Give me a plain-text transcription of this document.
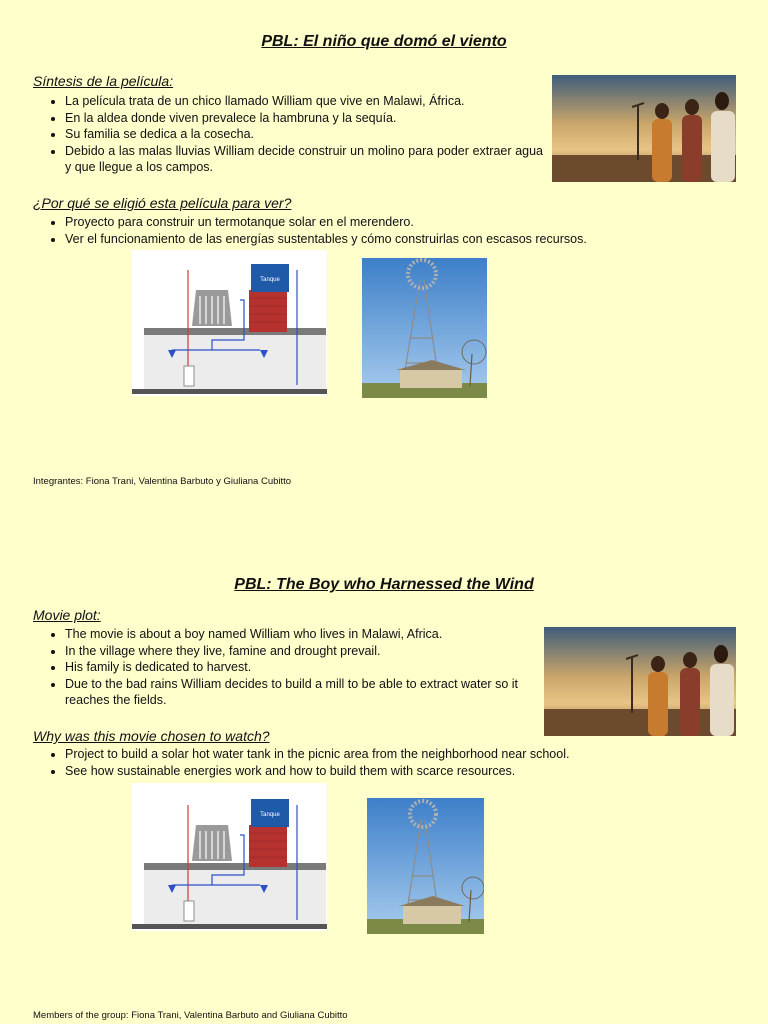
PBL: El niño que domó el viento
Síntesis de la película:
• La película trata de un chico llamado William que vive en Malawi, África.
• En la aldea donde viven prevalece la hambruna y la sequía.
• Su familia se dedica a la cosecha.
• Debido a las malas lluvias William decide construir un molino para poder extraer agua y que llegue a los campos.
¿Por qué se eligió esta película para ver?
• Proyecto para construir un termotanque solar en el merendero.
• Ver el funcionamiento de las energías sustentables y cómo construirlas con escasos recursos.
Tanque
Integrantes: Fiona Trani, Valentina Barbuto y Giuliana Cubitto
PBL: The Boy who Harnessed the Wind
Movie plot:
• The movie is about a boy named William who lives in Malawi, Africa.
• In the village where they live, famine and drought prevail.
• His family is dedicated to harvest.
• Due to the bad rains William decides to build a mill to be able to extract water so it reaches the fields.
Why was this movie chosen to watch?
• Project to build a solar hot water tank in the picnic area from the neighborhood near school.
• See how sustainable energies work and how to build them with scarce resources.
Tanque
Members of the group: Fiona Trani, Valentina Barbuto and Giuliana Cubitto
